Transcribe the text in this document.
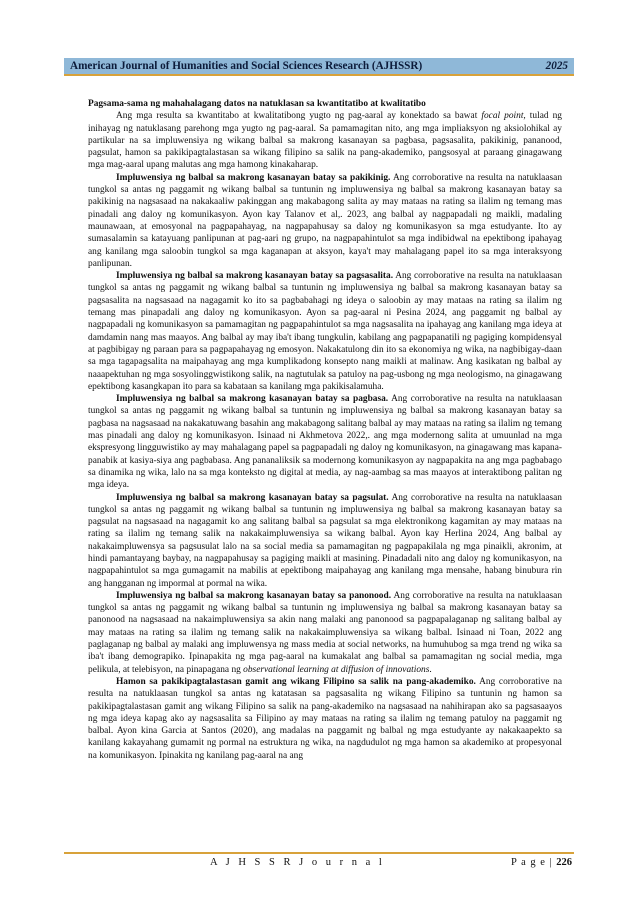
American Journal of Humanities and Social Sciences Research (AJHSSR)	2025

Pagsama-sama ng mahahalagang datos na natuklasan sa kwantitatibo at kwalitatibo

Ang mga resulta sa kwantitabo at kwalitatibong yugto ng pag-aaral ay konektado sa bawat focal point, tulad ng inihayag ng natuklasang parehong mga yugto ng pag-aaral. Sa pamamagitan nito, ang mga impliaksyon ng aksiolohikal ay partikular na sa impluwensiya ng wikang balbal sa makrong kasanayan sa pagbasa, pagsasalita, pakikinig, pananood, pagsulat, hamon sa pakikipagtalastasan sa wikang filipino sa salik na pang-akademiko, pangsosyal at paraang ginagawang mga mag-aaral upang malutas ang mga hamong kinakaharap.

Impluwensiya ng balbal sa makrong kasanayan batay sa pakikinig. Ang corroborative na resulta na natuklaasan tungkol sa antas ng paggamit ng wikang balbal sa tuntunin ng impluwensiya ng balbal sa makrong kasanayan batay sa pakikinig na nagsasaad na nakakaaliw pakinggan ang makabagong salita ay may mataas na rating sa ilalim ng temang mas pinadali ang daloy ng komunikasyon. Ayon kay Talanov et al,. 2023, ang balbal ay nagpapadali ng maikli, madaling maunawaan, at emosyonal na pagpapahayag, na nagpapahusay sa daloy ng komunikasyon sa mga estudyante. Ito ay sumasalamin sa katayuang panlipunan at pag-aari ng grupo, na nagpapahintulot sa mga indibidwal na epektibong ipahayag ang kanilang mga saloobin tungkol sa mga kaganapan at aksyon, kaya't may mahalagang papel ito sa mga interaksyong panlipunan.

Impluwensiya ng balbal sa makrong kasanayan batay sa pagsasalita. Ang corroborative na resulta na natuklaasan tungkol sa antas ng paggamit ng wikang balbal sa tuntunin ng impluwensiya ng balbal sa makrong kasanayan batay sa pagsasalita na nagsasaad na nagagamit ko ito sa pagbabahagi ng ideya o saloobin ay may mataas na rating sa ilalim ng temang mas pinapadali ang daloy ng komunikasyon. Ayon sa pag-aaral ni Pesina 2024, ang paggamit ng balbal ay nagpapadali ng komunikasyon sa pamamagitan ng pagpapahintulot sa mga nagsasalita na ipahayag ang kanilang mga ideya at damdamin nang mas maayos. Ang balbal ay may iba't ibang tungkulin, kabilang ang pagpapanatili ng pagiging kompidensyal at pagbibigay ng paraan para sa pagpapahayag ng emosyon. Nakakatulong din ito sa ekonomiya ng wika, na nagbibigay-daan sa mga tagapagsalita na maipahayag ang mga kumplikadong konsepto nang maikli at malinaw. Ang kasikatan ng balbal ay naaapektuhan ng mga sosyolinggwistikong salik, na nagtutulak sa patuloy na pag-usbong ng mga neologismo, na ginagawang epektibong kasangkapan ito para sa kabataan sa kanilang mga pakikisalamuha.

Impluwensiya ng balbal sa makrong kasanayan batay sa pagbasa. Ang corroborative na resulta na natuklaasan tungkol sa antas ng paggamit ng wikang balbal sa tuntunin ng impluwensiya ng balbal sa makrong kasanayan batay sa pagbasa na nagsasaad na nakakatuwang basahin ang makabagong salitang balbal ay may mataas na rating sa ilalim ng temang mas pinadali ang daloy ng komunikasyon. Isinaad ni Akhmetova 2022,. ang mga modernong salita at umuunlad na mga ekspresyong lingguwistiko ay may mahalagang papel sa pagpapadali ng daloy ng komunikasyon, na ginagawang mas kapana-panabik at kasiya-siya ang pagbabasa. Ang pananaliksik sa modernong komunikasyon ay nagpapakita na ang mga pagbabago sa dinamika ng wika, lalo na sa mga konteksto ng digital at media, ay nag-aambag sa mas maayos at interaktibong palitan ng mga ideya.

Impluwensiya ng balbal sa makrong kasanayan batay sa pagsulat. Ang corroborative na resulta na natuklaasan tungkol sa antas ng paggamit ng wikang balbal sa tuntunin ng impluwensiya ng balbal sa makrong kasanayan batay sa pagsulat na nagsasaad na nagagamit ko ang salitang balbal sa pagsulat sa mga elektronikong kagamitan ay may mataas na rating sa ilalim ng temang salik na nakakaimpluwensiya sa wikang balbal. Ayon kay Herlina 2024, Ang balbal ay nakakaimpluwensya sa pagsusulat lalo na sa social media sa pamamagitan ng pagpapakilala ng mga pinaikli, akronim, at hindi pamantayang baybay, na nagpapahusay sa pagiging maikli at masining. Pinadadali nito ang daloy ng komunikasyon, na nagpapahintulot sa mga gumagamit na mabilis at epektibong maipahayag ang kanilang mga mensahe, habang binubura rin ang hangganan ng impormal at pormal na wika.

Impluwensiya ng balbal sa makrong kasanayan batay sa panonood. Ang corroborative na resulta na natuklaasan tungkol sa antas ng paggamit ng wikang balbal sa tuntunin ng impluwensiya ng balbal sa makrong kasanayan batay sa panonood na nagsasaad na nakaimpluwensiya sa akin nang malaki ang panonood sa pagpapalaganap ng salitang balbal ay may mataas na rating sa ilalim ng temang salik na nakakaimpluwensiya sa wikang balbal. Isinaad ni Toan, 2022 ang paglaganap ng balbal ay malaki ang impluwensya ng mass media at social networks, na humuhubog sa mga trend ng wika sa iba't ibang demograpiko. Ipinapakita ng mga pag-aaral na kumakalat ang balbal sa pamamagitan ng social media, mga pelikula, at telebisyon, na pinapagana ng observational learning at diffusion of innovations.

Hamon sa pakikipagtalastasan gamit ang wikang Filipino sa salik na pang-akademiko. Ang corroborative na resulta na natuklaasan tungkol sa antas ng katatasan sa pagsasalita ng wikang Filipino sa tuntunin ng hamon sa pakikipagtalastasan gamit ang wikang Filipino sa salik na pang-akademiko na nagsasaad na nahihirapan ako sa pagsasaayos ng mga ideya kapag ako ay nagsasalita sa Filipino ay may mataas na rating sa ilalim ng temang patuloy na paggamit ng balbal. Ayon kina Garcia at Santos (2020), ang madalas na paggamit ng balbal ng mga estudyante ay nakakaapekto sa kanilang kakayahang gumamit ng pormal na estruktura ng wika, na nagdudulot ng mga hamon sa akademiko at propesyonal na komunikasyon. Ipinakita ng kanilang pag-aaral na ang

A J H S S R J o u r n a l	P a g e | 226
